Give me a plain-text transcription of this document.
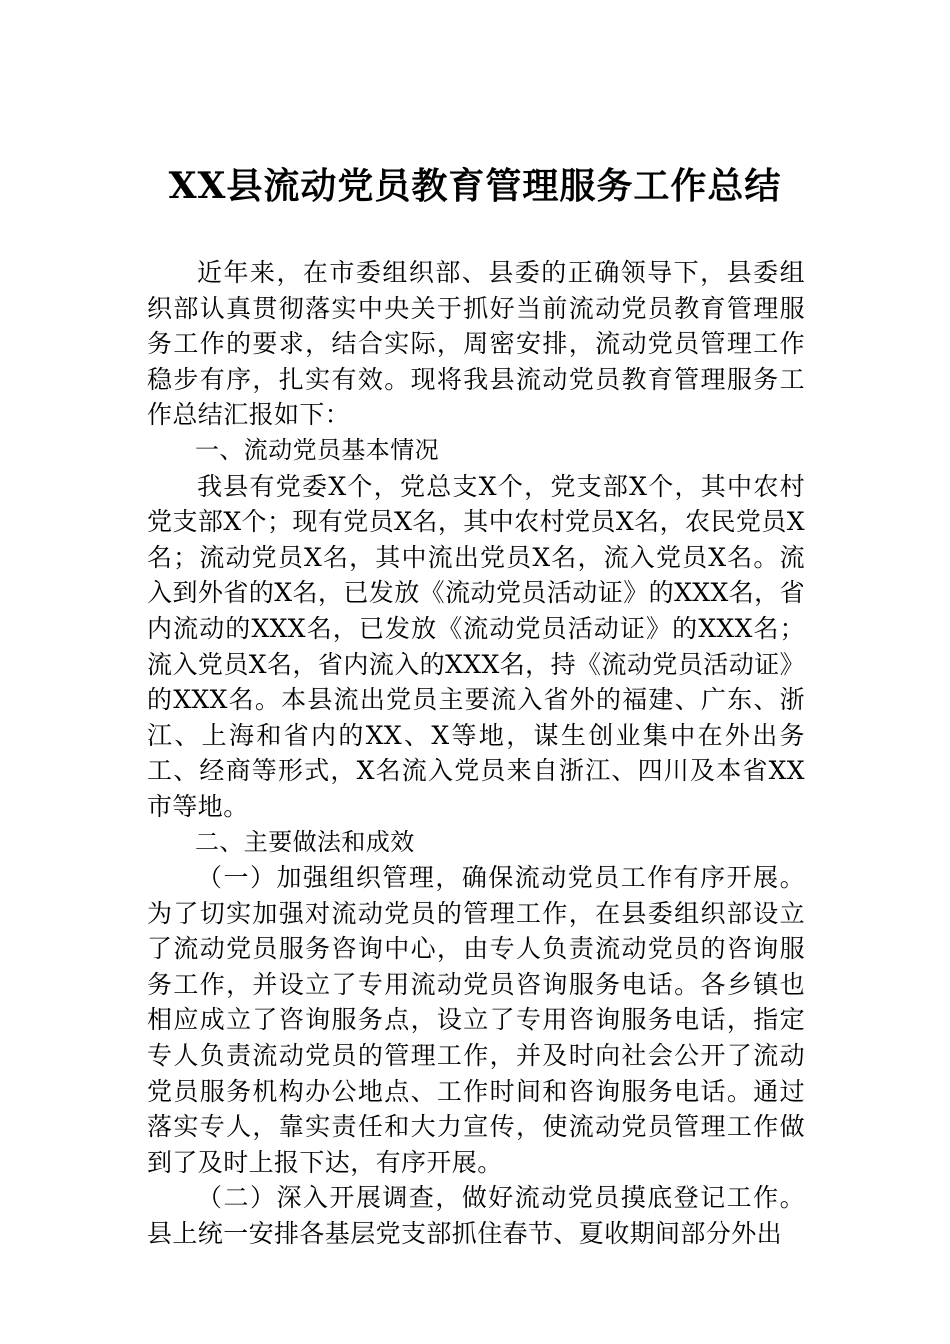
XX县流动党员教育管理服务工作总结

近年来，在市委组织部、县委的正确领导下，县委组织部认真贯彻落实中央关于抓好当前流动党员教育管理服务工作的要求，结合实际，周密安排，流动党员管理工作稳步有序，扎实有效。现将我县流动党员教育管理服务工作总结汇报如下：

一、流动党员基本情况

我县有党委X个，党总支X个，党支部X个，其中农村党支部X个；现有党员X名，其中农村党员X名，农民党员X名；流动党员X名，其中流出党员X名，流入党员X名。流入到外省的X名，已发放《流动党员活动证》的XXX名，省内流动的XXX名，已发放《流动党员活动证》的XXX名；流入党员X名，省内流入的XXX名，持《流动党员活动证》的XXX名。本县流出党员主要流入省外的福建、广东、浙江、上海和省内的XX、X等地，谋生创业集中在外出务工、经商等形式，X名流入党员来自浙江、四川及本省XX市等地。

二、主要做法和成效

（一）加强组织管理，确保流动党员工作有序开展。为了切实加强对流动党员的管理工作，在县委组织部设立了流动党员服务咨询中心，由专人负责流动党员的咨询服务工作，并设立了专用流动党员咨询服务电话。各乡镇也相应成立了咨询服务点，设立了专用咨询服务电话，指定专人负责流动党员的管理工作，并及时向社会公开了流动党员服务机构办公地点、工作时间和咨询服务电话。通过落实专人，靠实责任和大力宣传，使流动党员管理工作做到了及时上报下达，有序开展。

（二）深入开展调查，做好流动党员摸底登记工作。县上统一安排各基层党支部抓住春节、夏收期间部分外出
